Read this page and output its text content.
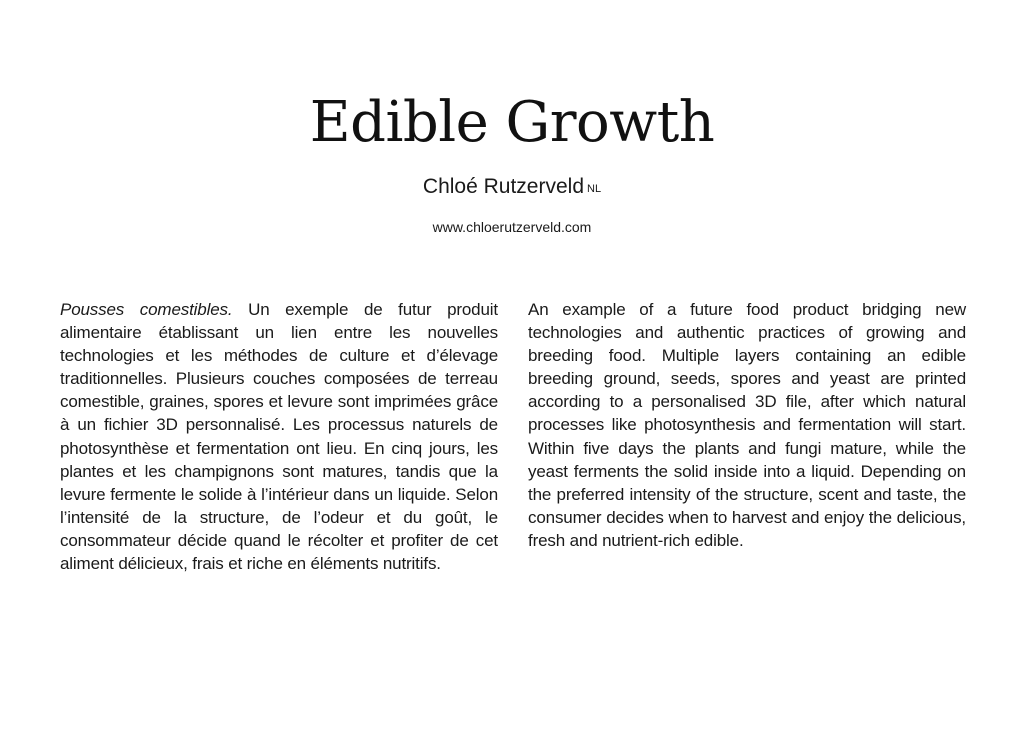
Edible Growth
Chloé Rutzerveld $^{NL}$
www.chloerutzerveld.com
Pousses comestibles. Un exemple de futur produit alimentaire établissant un lien entre les nouvelles technologies et les méthodes de culture et d’élevage traditionnelles. Plusieurs couches composées de terreau comestible, graines, spores et levure sont imprimées grâce à un fichier 3D personnalisé. Les processus naturels de photosynthèse et fermentation ont lieu. En cinq jours, les plantes et les champignons sont matures, tandis que la levure fermente le solide à l’intérieur dans un liquide. Selon l’intensité de la structure, de l’odeur et du goût, le consommateur décide quand le récolter et profiter de cet aliment délicieux, frais et riche en éléments nutritifs.
An example of a future food product bridging new technologies and authentic practices of growing and breeding food. Multiple layers containing an edible breeding ground, seeds, spores and yeast are printed according to a personalised 3D file, after which natural processes like photosynthesis and fermentation will start. Within five days the plants and fungi mature, while the yeast ferments the solid inside into a liquid. Depending on the preferred intensity of the structure, scent and taste, the consumer decides when to harvest and enjoy the delicious, fresh and nutrient-rich edible.
